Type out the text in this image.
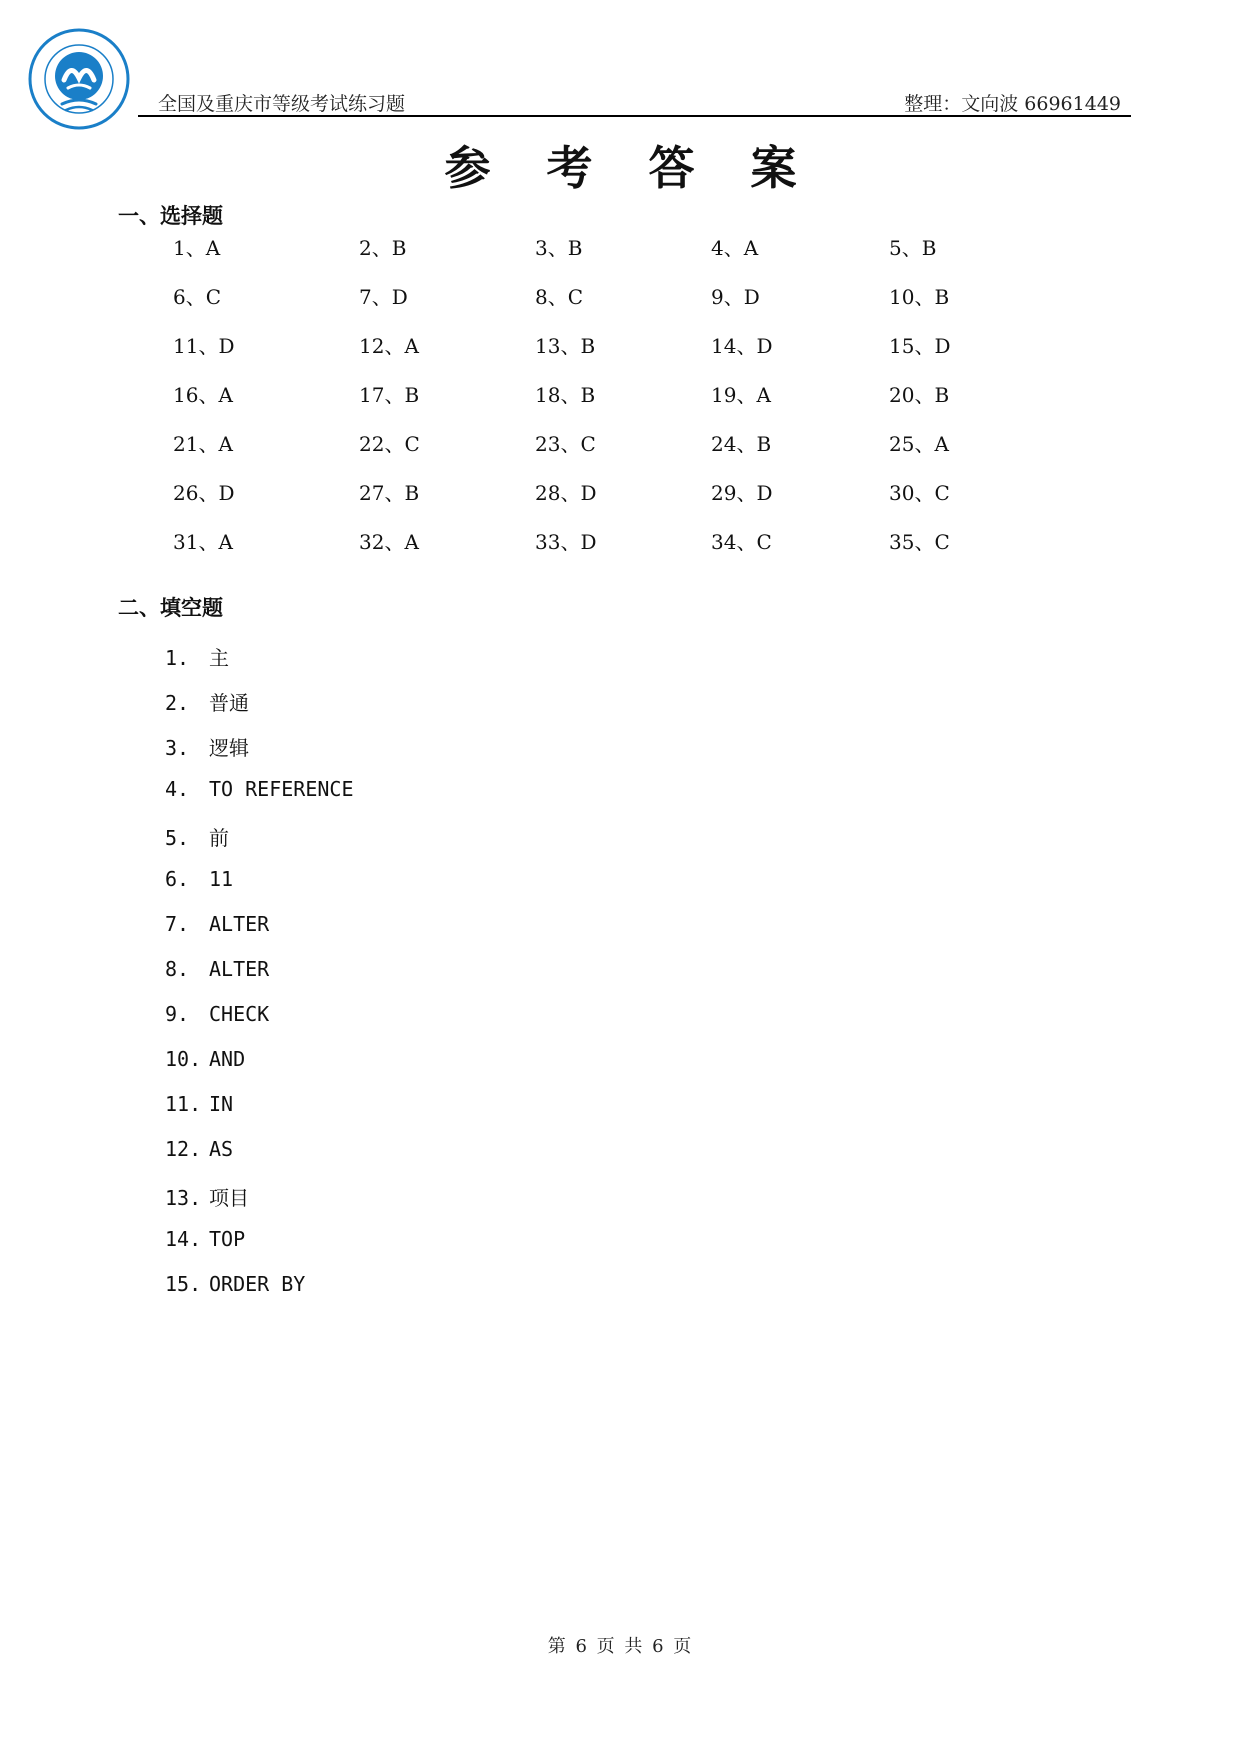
全国及重庆市等级考试练习题	整理：文向波 66961449
参 考 答 案
一、选择题
1、A	2、B	3、B	4、A	5、B
6、C	7、D	8、C	9、D	10、B
11、D	12、A	13、B	14、D	15、D
16、A	17、B	18、B	19、A	20、B
21、A	22、C	23、C	24、B	25、A
26、D	27、B	28、D	29、D	30、C
31、A	32、A	33、D	34、C	35、C
二、填空题
1. 主
2. 普通
3. 逻辑
4. TO REFERENCE
5. 前
6. 11
7. ALTER
8. ALTER
9. CHECK
10. AND
11. IN
12. AS
13. 项目
14. TOP
15. ORDER BY
第 6 页 共 6 页
